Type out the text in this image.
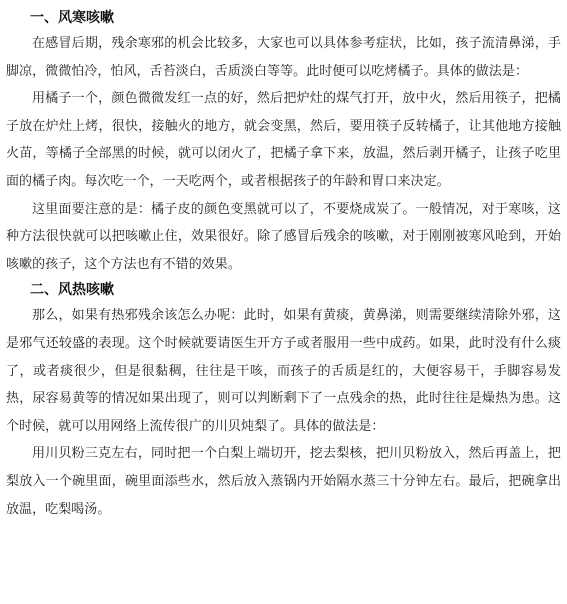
一、风寒咳嗽

在感冒后期，残余寒邪的机会比较多，大家也可以具体参考症状，比如，孩子流清鼻涕，手脚凉，微微怕冷，怕风，舌苔淡白，舌质淡白等等。此时便可以吃烤橘子。具体的做法是：

用橘子一个，颜色微微发红一点的好，然后把炉灶的煤气打开，放中火，然后用筷子，把橘子放在炉灶上烤，很快，接触火的地方，就会变黑，然后，要用筷子反转橘子，让其他地方接触火苗，等橘子全部黑的时候，就可以闭火了，把橘子拿下来，放温，然后剥开橘子，让孩子吃里面的橘子肉。每次吃一个，一天吃两个，或者根据孩子的年龄和胃口来决定。

这里面要注意的是：橘子皮的颜色变黑就可以了，不要烧成炭了。一般情况，对于寒咳，这种方法很快就可以把咳嗽止住，效果很好。除了感冒后残余的咳嗽，对于刚刚被寒风呛到，开始咳嗽的孩子，这个方法也有不错的效果。

二、风热咳嗽

那么，如果有热邪残余该怎么办呢：此时，如果有黄痰，黄鼻涕，则需要继续清除外邪，这是邪气还较盛的表现。这个时候就要请医生开方子或者服用一些中成药。如果，此时没有什么痰了，或者痰很少，但是很黏稠，往往是干咳，而孩子的舌质是红的，大便容易干，手脚容易发热，尿容易黄等的情况如果出现了，则可以判断剩下了一点残余的热，此时往往是燥热为患。这个时候，就可以用网络上流传很广的川贝炖梨了。具体的做法是：

用川贝粉三克左右，同时把一个白梨上端切开，挖去梨核，把川贝粉放入，然后再盖上，把梨放入一个碗里面，碗里面添些水，然后放入蒸锅内开始隔水蒸三十分钟左右。最后，把碗拿出放温，吃梨喝汤。
